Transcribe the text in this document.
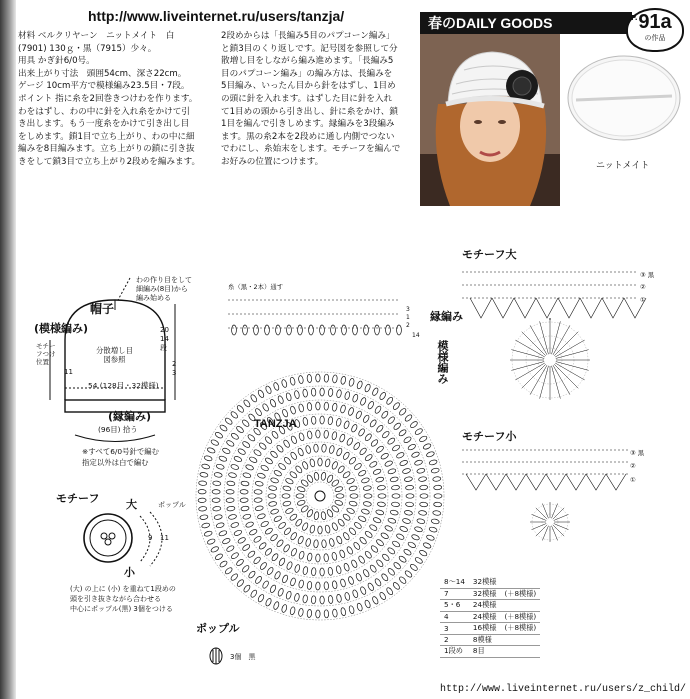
http://www.liveinternet.ru/users/tanzja/
材料 ベルクリヤーン　ニットメイト　白
(7901) 130ｇ・黒（7915）少々。
用具 かぎ針6/0号。
出来上がり寸法　頭囲54cm、深さ22cm。
ゲージ 10cm平方で模様編み23.5目・7段。
ポイント 指に糸を2回巻きつけわを作ります。
わをはずし、わの中に針を入れ糸をかけて引
き出します。もう一度糸をかけて引き出し目
をしめます。鎖1目で立ち上がり、わの中に細
編みを8目編みます。立ち上がりの鎖に引き抜
きをして鎖3目で立ち上がり2段めを編みます。
2段めからは「長編み5目のパプコーン編み」
と鎖3目のくり返しです。記号図を参照して分
散増し目をしながら編み進めます。「長編み5
目のパプコーン編み」の編み方は、長編みを
5目編み、いったん目から針をはずし、1目め
の頭に針を入れます。はずした目に針を入れ
て1目めの頭から引き出し、針に糸をかけ、鎖
1目を編んで引きしめます。縁編みを3段編み
ます。黒の糸2本を2段めに通し内側でつない
でわにし、糸始末をします。モチーフを編んで
お好みの位置につけます。
春のDAILY GOODS	P. 91a
の作品
ニットメイト
帽子
(模様編み)
わの作り目をして
細編み(8目)から
編み始める
分散増し目
図参照
モチーフつけ位置
20
14
段
54 (128目・32模様)
11
2
3
(縁編み)
(96目) 拾う
※すべて6/0号針で編む
指定以外は白で編む
モチーフ 大
小
ポップル
9 11
(大) の上に (小) を重ねて1段めの
頭を引き抜きながら合わせる
中心にポップル(黒) 3個をつける
糸（黒・2本）通す
縁編み
模様編み
TANZJA
3
1
2
14
モチーフ大
③ 黒
②
①
モチーフ小
③ 黒
②
①
ポップル
3個　黒
8～14	32模様	
7	32模様	(＋8模様)
5・6	24模様	
4	24模様	(＋8模様)
3	16模様	(＋8模様)
2	8模様	
1段め	8目	
http://www.liveinternet.ru/users/z_child/
